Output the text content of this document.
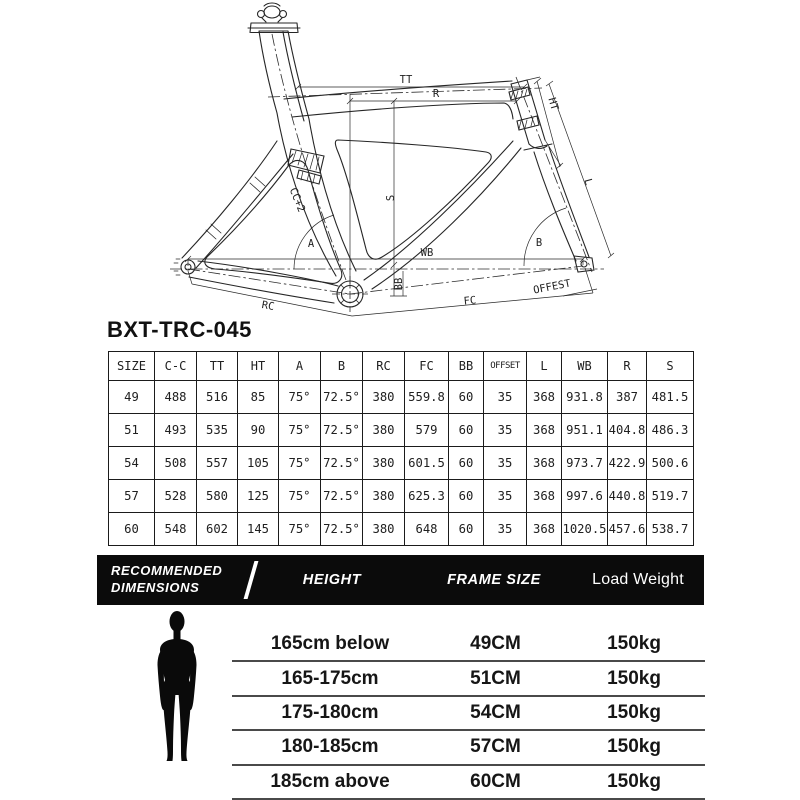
TT
R
S
HT
L
CC+2
WB
BB
RC	FC
OFFEST
A	B
BXT-TRC-045
SIZE	C-C	TT	HT	A	B	RC	FC	BB	OFFSET	L	WB	R	S
49	488	516	85	75°	72.5°	380	559.8	60	35	368	931.8	387	481.5
51	493	535	90	75°	72.5°	380	579	60	35	368	951.1	404.8	486.3
54	508	557	105	75°	72.5°	380	601.5	60	35	368	973.7	422.9	500.6
57	528	580	125	75°	72.5°	380	625.3	60	35	368	997.6	440.8	519.7
60	548	602	145	75°	72.5°	380	648	60	35	368	1020.5	457.6	538.7
RECOMMENDED
DIMENSIONS	HEIGHT	FRAME SIZE	Load Weight
165cm below	49CM	150kg
165-175cm	51CM	150kg
175-180cm	54CM	150kg
180-185cm	57CM	150kg
185cm above	60CM	150kg
